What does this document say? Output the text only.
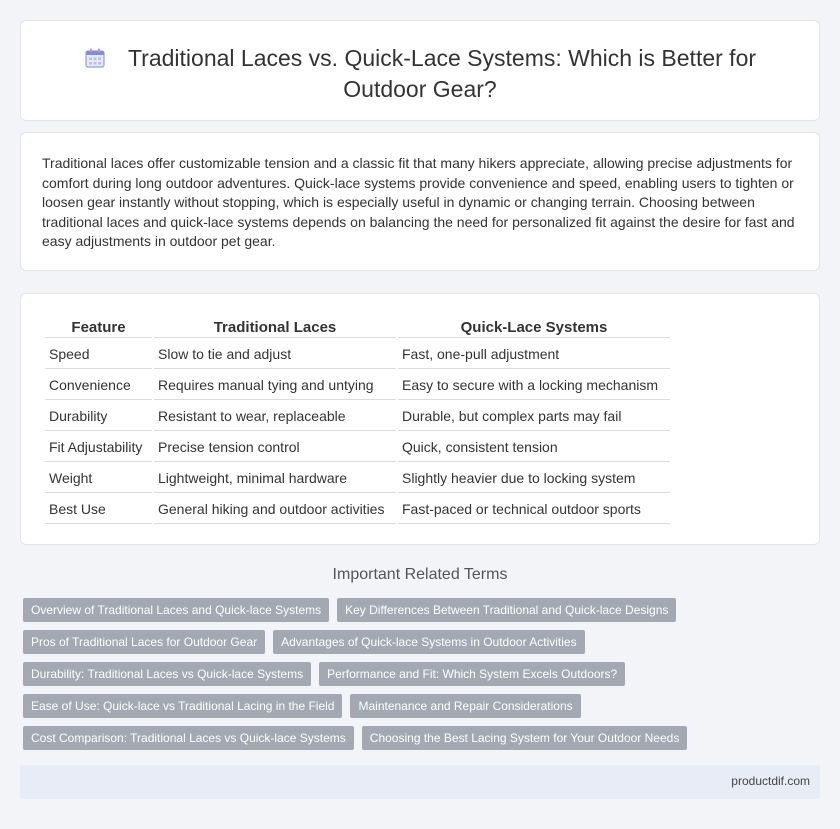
Traditional Laces vs. Quick-Lace Systems: Which is Better for Outdoor Gear?

Traditional laces offer customizable tension and a classic fit that many hikers appreciate, allowing precise adjustments for comfort during long outdoor adventures. Quick-lace systems provide convenience and speed, enabling users to tighten or loosen gear instantly without stopping, which is especially useful in dynamic or changing terrain. Choosing between traditional laces and quick-lace systems depends on balancing the need for personalized fit against the desire for fast and easy adjustments in outdoor pet gear.

Feature	Traditional Laces	Quick-Lace Systems
Speed	Slow to tie and adjust	Fast, one-pull adjustment
Convenience	Requires manual tying and untying	Easy to secure with a locking mechanism
Durability	Resistant to wear, replaceable	Durable, but complex parts may fail
Fit Adjustability	Precise tension control	Quick, consistent tension
Weight	Lightweight, minimal hardware	Slightly heavier due to locking system
Best Use	General hiking and outdoor activities	Fast-paced or technical outdoor sports
Important Related Terms
Overview of Traditional Laces and Quick-lace Systems	Key Differences Between Traditional and Quick-lace Designs
Pros of Traditional Laces for Outdoor Gear	Advantages of Quick-lace Systems in Outdoor Activities
Durability: Traditional Laces vs Quick-lace Systems	Performance and Fit: Which System Excels Outdoors?
Ease of Use: Quick-lace vs Traditional Lacing in the Field	Maintenance and Repair Considerations
Cost Comparison: Traditional Laces vs Quick-lace Systems	Choosing the Best Lacing System for Your Outdoor Needs
productdif.com
